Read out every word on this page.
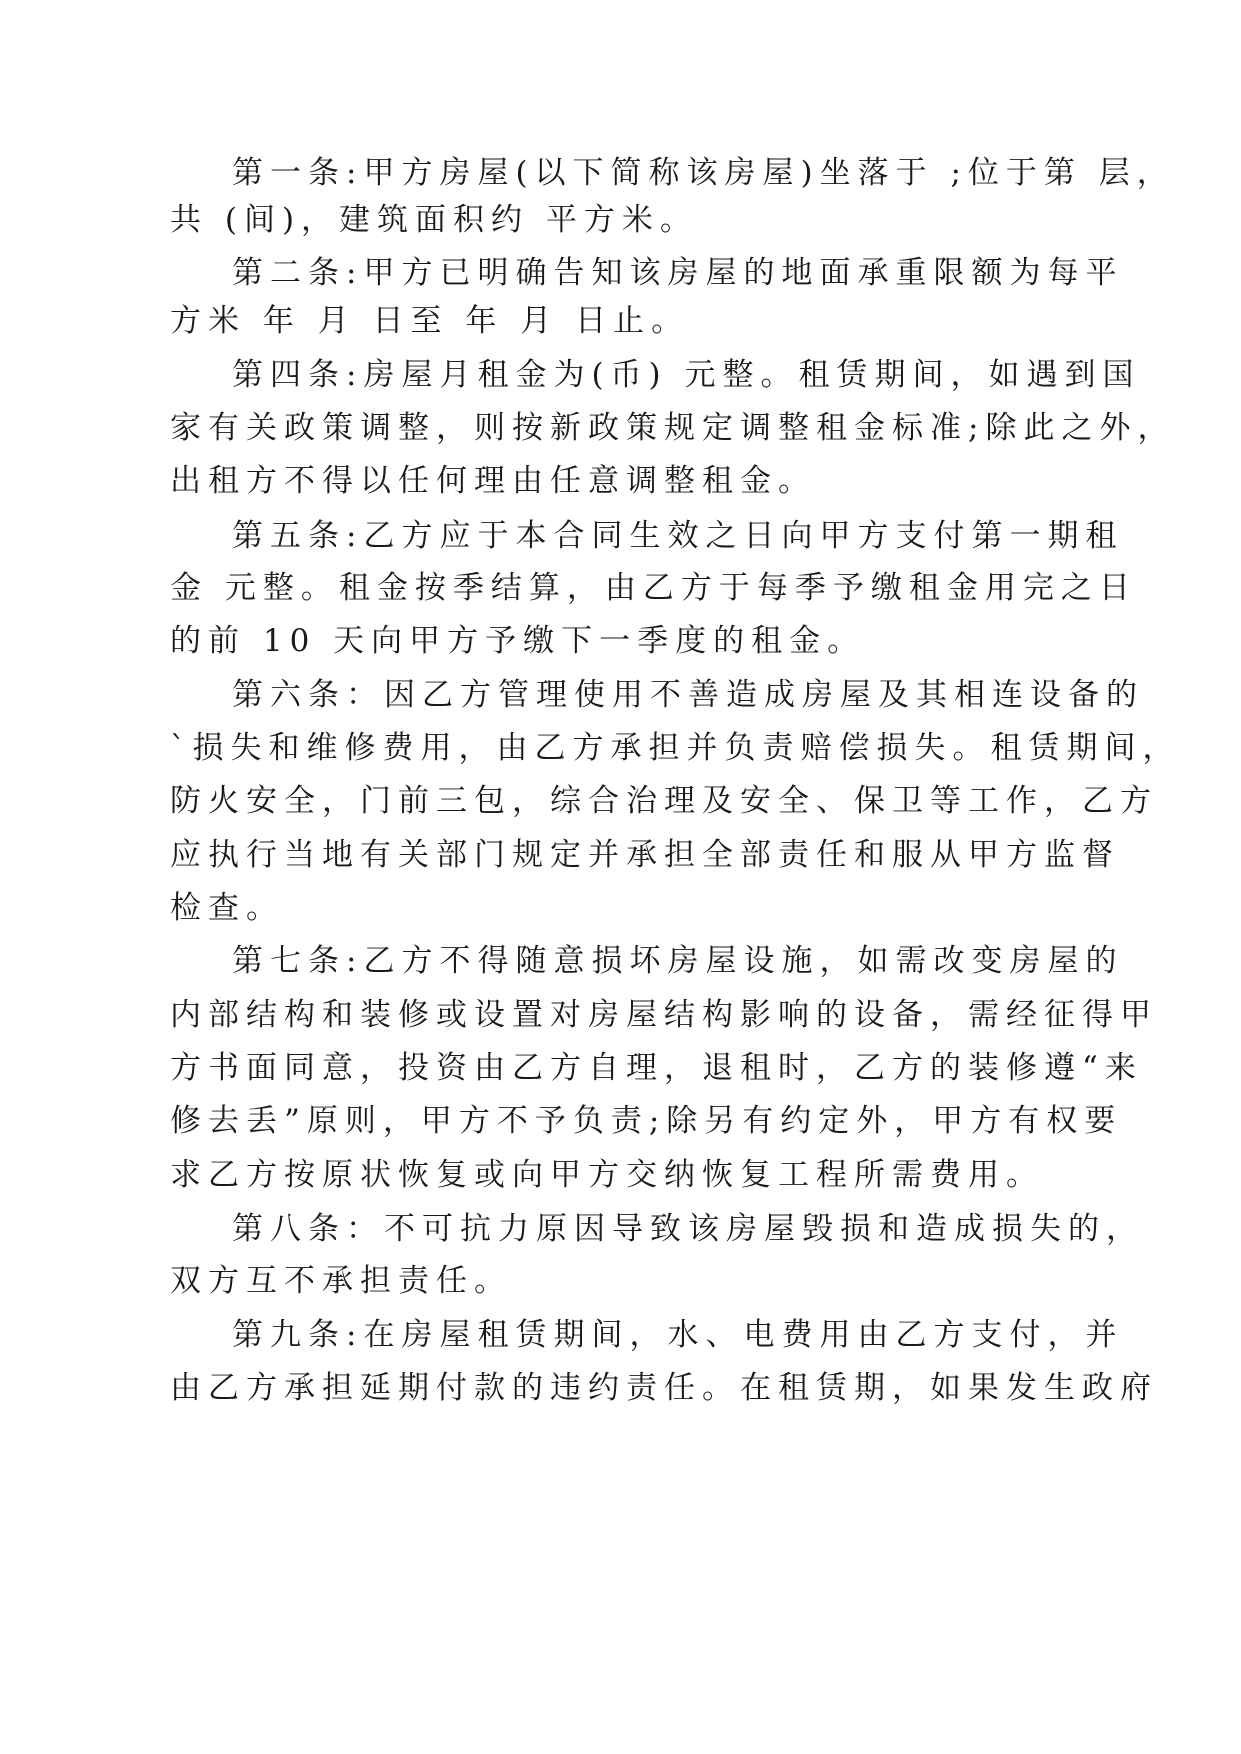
第一条:甲方房屋(以下简称该房屋)坐落于 ;位于第 层，

共 (间)，建筑面积约 平方米。

第二条:甲方已明确告知该房屋的地面承重限额为每平

方米 年 月 日至 年 月 日止。

第四条:房屋月租金为(币) 元整。租赁期间，如遇到国

家有关政策调整，则按新政策规定调整租金标准;除此之外，

出租方不得以任何理由任意调整租金。

第五条:乙方应于本合同生效之日向甲方支付第一期租

金 元整。租金按季结算，由乙方于每季予缴租金用完之日

的前 10 天向甲方予缴下一季度的租金。

第六条：因乙方管理使用不善造成房屋及其相连设备的

`损失和维修费用，由乙方承担并负责赔偿损失。租赁期间，

防火安全，门前三包，综合治理及安全、保卫等工作，乙方

应执行当地有关部门规定并承担全部责任和服从甲方监督

检查。

第七条:乙方不得随意损坏房屋设施，如需改变房屋的

内部结构和装修或设置对房屋结构影响的设备，需经征得甲

方书面同意，投资由乙方自理，退租时，乙方的装修遵“来

修去丢”原则，甲方不予负责;除另有约定外，甲方有权要

求乙方按原状恢复或向甲方交纳恢复工程所需费用。

第八条：不可抗力原因导致该房屋毁损和造成损失的，

双方互不承担责任。

第九条:在房屋租赁期间，水、电费用由乙方支付，并

由乙方承担延期付款的违约责任。在租赁期，如果发生政府
